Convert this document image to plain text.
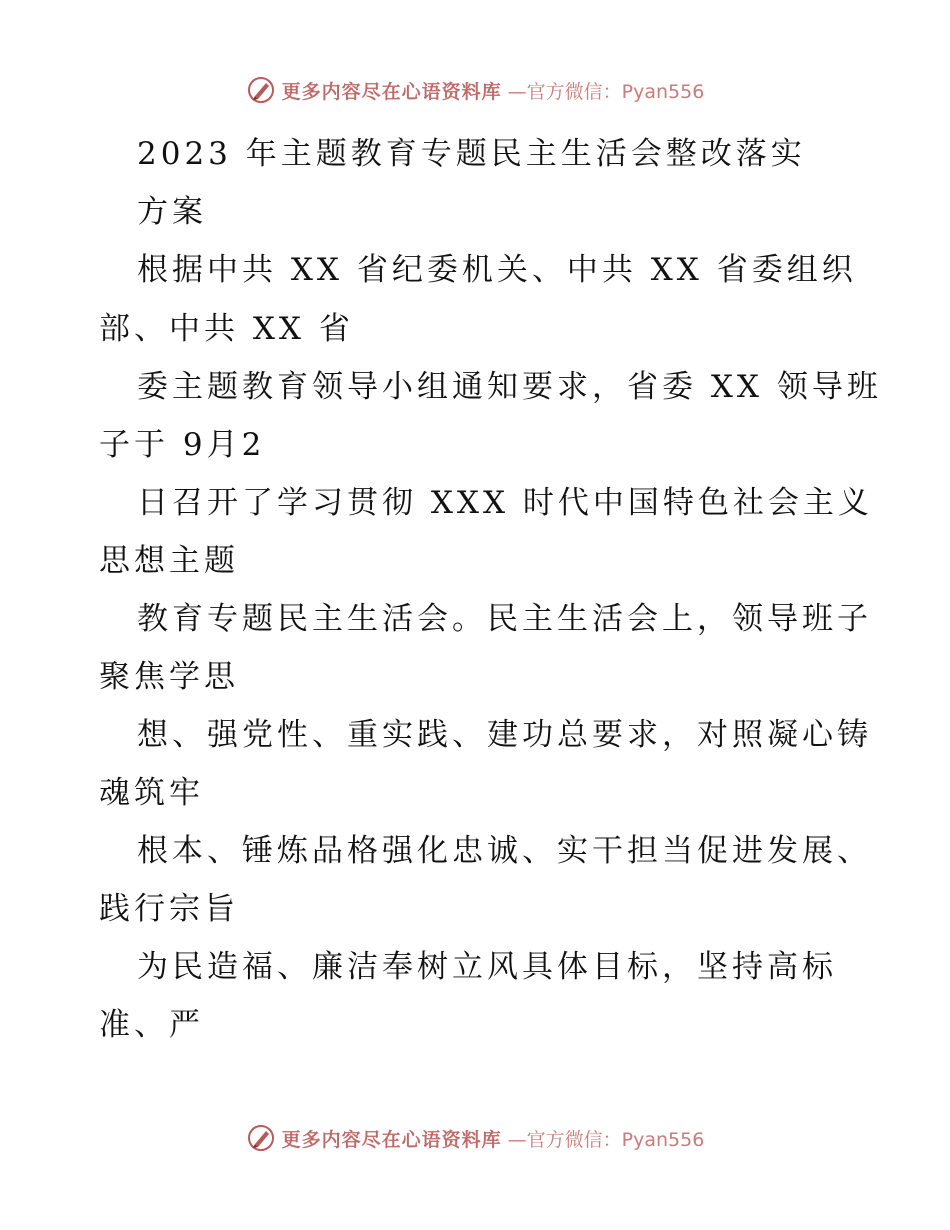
更多内容尽在心语资料库 —官方微信：Pyan556
2023 年主题教育专题民主生活会整改落实
方案
根据中共 XX 省纪委机关、中共 XX 省委组织
部、中共 XX 省
委主题教育领导小组通知要求，省委 XX 领导班
子于 9月2
日召开了学习贯彻 XXX 时代中国特色社会主义
思想主题
教育专题民主生活会。民主生活会上，领导班子
聚焦学思
想、强党性、重实践、建功总要求，对照凝心铸
魂筑牢
根本、锤炼品格强化忠诚、实干担当促进发展、
践行宗旨
为民造福、廉洁奉树立风具体目标，坚持高标
准、严
更多内容尽在心语资料库 —官方微信：Pyan556
